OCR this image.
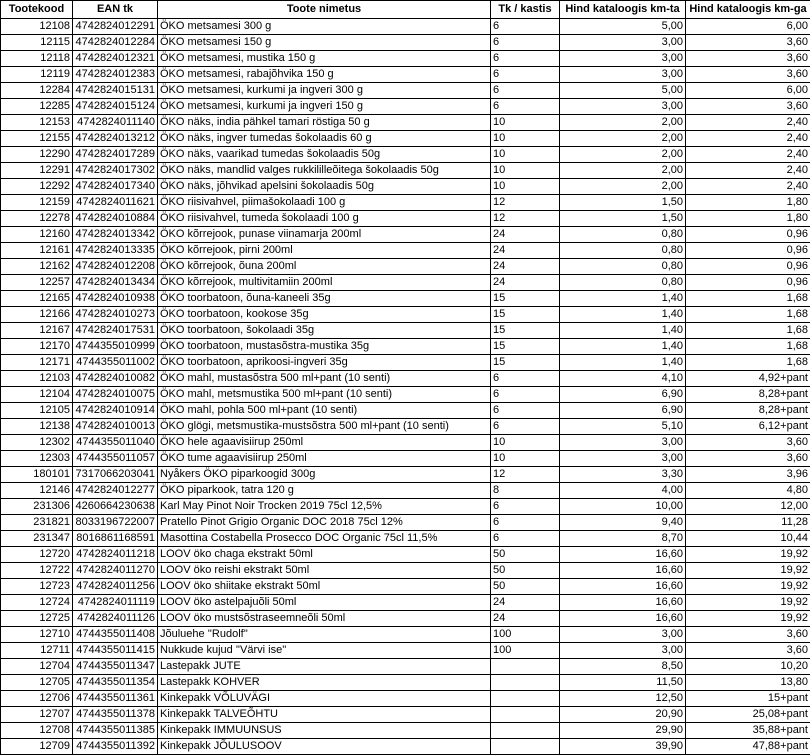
Tootekood	EAN tk	Toote nimetus	Tk / kastis	Hind kataloogis km-ta	Hind kataloogis km-ga
12108	4742824012291	ÖKO metsamesi 300 g	6	5,00	6,00
12115	4742824012284	ÖKO metsamesi 150 g	6	3,00	3,60
12118	4742824012321	ÖKO metsamesi, mustika 150 g	6	3,00	3,60
12119	4742824012383	ÖKO metsamesi, rabajõhvika 150 g	6	3,00	3,60
12284	4742824015131	ÖKO metsamesi, kurkumi ja ingveri 300 g	6	5,00	6,00
12285	4742824015124	ÖKO metsamesi, kurkumi ja ingveri 150 g	6	3,00	3,60
12153	4742824011140	ÖKO näks, india pähkel tamari röstiga 50 g	10	2,00	2,40
12155	4742824013212	ÖKO näks, ingver tumedas šokolaadis 60 g	10	2,00	2,40
12290	4742824017289	ÖKO näks, vaarikad tumedas šokolaadis 50g	10	2,00	2,40
12291	4742824017302	ÖKO näks, mandlid valges rukkililleõitega šokolaadis 50g	10	2,00	2,40
12292	4742824017340	ÖKO näks, jõhvikad apelsini šokolaadis 50g	10	2,00	2,40
12159	4742824011621	ÖKO riisivahvel, piimašokolaadi 100 g	12	1,50	1,80
12278	4742824010884	ÖKO riisivahvel, tumeda šokolaadi 100 g	12	1,50	1,80
12160	4742824013342	ÖKO kõrrejook, punase viinamarja 200ml	24	0,80	0,96
12161	4742824013335	ÖKO kõrrejook, pirni 200ml	24	0,80	0,96
12162	4742824012208	ÖKO kõrrejook, õuna 200ml	24	0,80	0,96
12257	4742824013434	ÖKO kõrrejook, multivitamiin 200ml	24	0,80	0,96
12165	4742824010938	ÖKO toorbatoon, õuna-kaneeli 35g	15	1,40	1,68
12166	4742824010273	ÖKO toorbatoon, kookose 35g	15	1,40	1,68
12167	4742824017531	ÖKO toorbatoon, šokolaadi 35g	15	1,40	1,68
12170	4744355010999	ÖKO toorbatoon, mustasõstra-mustika 35g	15	1,40	1,68
12171	4744355011002	ÖKO toorbatoon, aprikoosi-ingveri 35g	15	1,40	1,68
12103	4742824010082	ÖKO mahl, mustasõstra 500 ml+pant (10 senti)	6	4,10	4,92+pant
12104	4742824010075	ÖKO mahl, metsmustika 500 ml+pant (10 senti)	6	6,90	8,28+pant
12105	4742824010914	ÖKO mahl, pohla 500 ml+pant (10 senti)	6	6,90	8,28+pant
12138	4742824010013	ÖKO glögi, metsmustika-mustsõstra 500 ml+pant (10 senti)	6	5,10	6,12+pant
12302	4744355011040	ÖKO hele agaavisiirup 250ml	10	3,00	3,60
12303	4744355011057	ÖKO tume agaavisiirup 250ml	10	3,00	3,60
180101	7317066203041	Nyåkers ÖKO piparkoogid 300g	12	3,30	3,96
12146	4742824012277	ÖKO piparkook, tatra 120 g	8	4,00	4,80
231306	4260664230638	Karl May Pinot Noir Trocken 2019 75cl 12,5%	6	10,00	12,00
231821	8033196722007	Pratello Pinot Grigio Organic DOC 2018 75cl 12%	6	9,40	11,28
231347	8016861168591	Masottina Costabella Prosecco DOC Organic 75cl 11,5%	6	8,70	10,44
12720	4742824011218	LOOV öko chaga ekstrakt 50ml	50	16,60	19,92
12722	4742824011270	LOOV öko reishi ekstrakt 50ml	50	16,60	19,92
12723	4742824011256	LOOV öko shiitake ekstrakt 50ml	50	16,60	19,92
12724	4742824011119	LOOV öko astelpajuõli 50ml	24	16,60	19,92
12725	4742824011126	LOOV öko mustsõstraseemneõli 50ml	24	16,60	19,92
12710	4744355011408	Jõuluehe ''Rudolf''	100	3,00	3,60
12711	4744355011415	Nukkude kujud ''Värvi ise''	100	3,00	3,60
12704	4744355011347	Lastepakk JUTE		8,50	10,20
12705	4744355011354	Lastepakk KOHVER		11,50	13,80
12706	4744355011361	Kinkepakk VÕLUVÄGI		12,50	15+pant
12707	4744355011378	Kinkepakk TALVEÕHTU		20,90	25,08+pant
12708	4744355011385	Kinkepakk IMMUUNSUS		29,90	35,88+pant
12709	4744355011392	Kinkepakk JÕULUSOOV		39,90	47,88+pant
